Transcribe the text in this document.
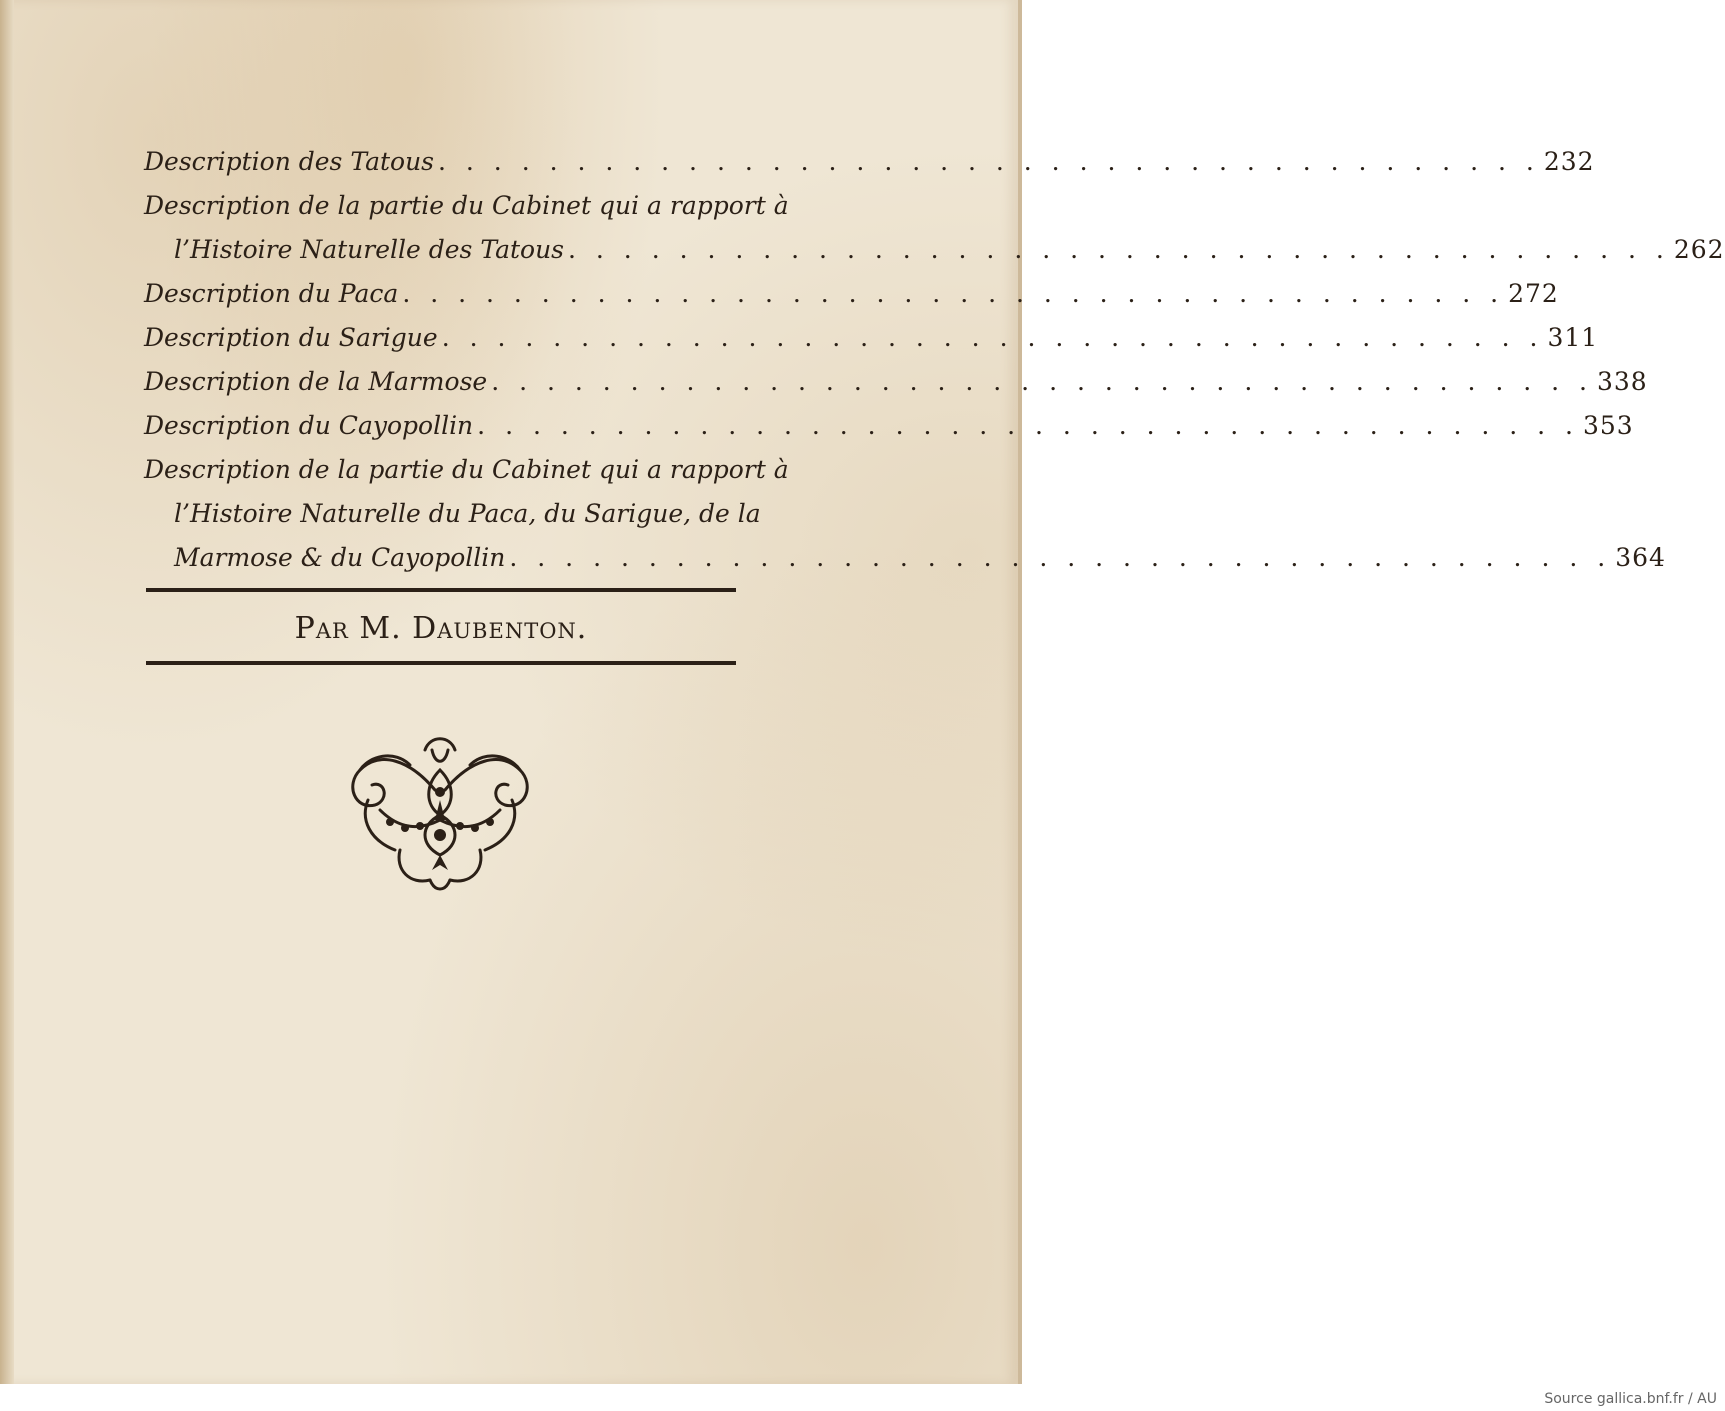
Description des Tatous . . . . . . . . . . . . . . . . . . . . . . . . . . . . . . . . . . . . . . . . 232
Description de la partie du Cabinet qui a rapport à
l’Histoire Naturelle des Tatous . . . . . . . . . . . . . . . . . . . . . . . . . . . . . . . . . . . . . . . . 262
Description du Paca . . . . . . . . . . . . . . . . . . . . . . . . . . . . . . . . . . . . . . . . 272
Description du Sarigue . . . . . . . . . . . . . . . . . . . . . . . . . . . . . . . . . . . . . . . . 311
Description de la Marmose . . . . . . . . . . . . . . . . . . . . . . . . . . . . . . . . . . . . . . . . 338
Description du Cayopollin . . . . . . . . . . . . . . . . . . . . . . . . . . . . . . . . . . . . . . . . 353
Description de la partie du Cabinet qui a rapport à
l’Histoire Naturelle du Paca, du Sarigue, de la
Marmose & du Cayopollin . . . . . . . . . . . . . . . . . . . . . . . . . . . . . . . . . . . . . . . . 364
Par M. Daubenton.
Source gallica.bnf.fr / AU
